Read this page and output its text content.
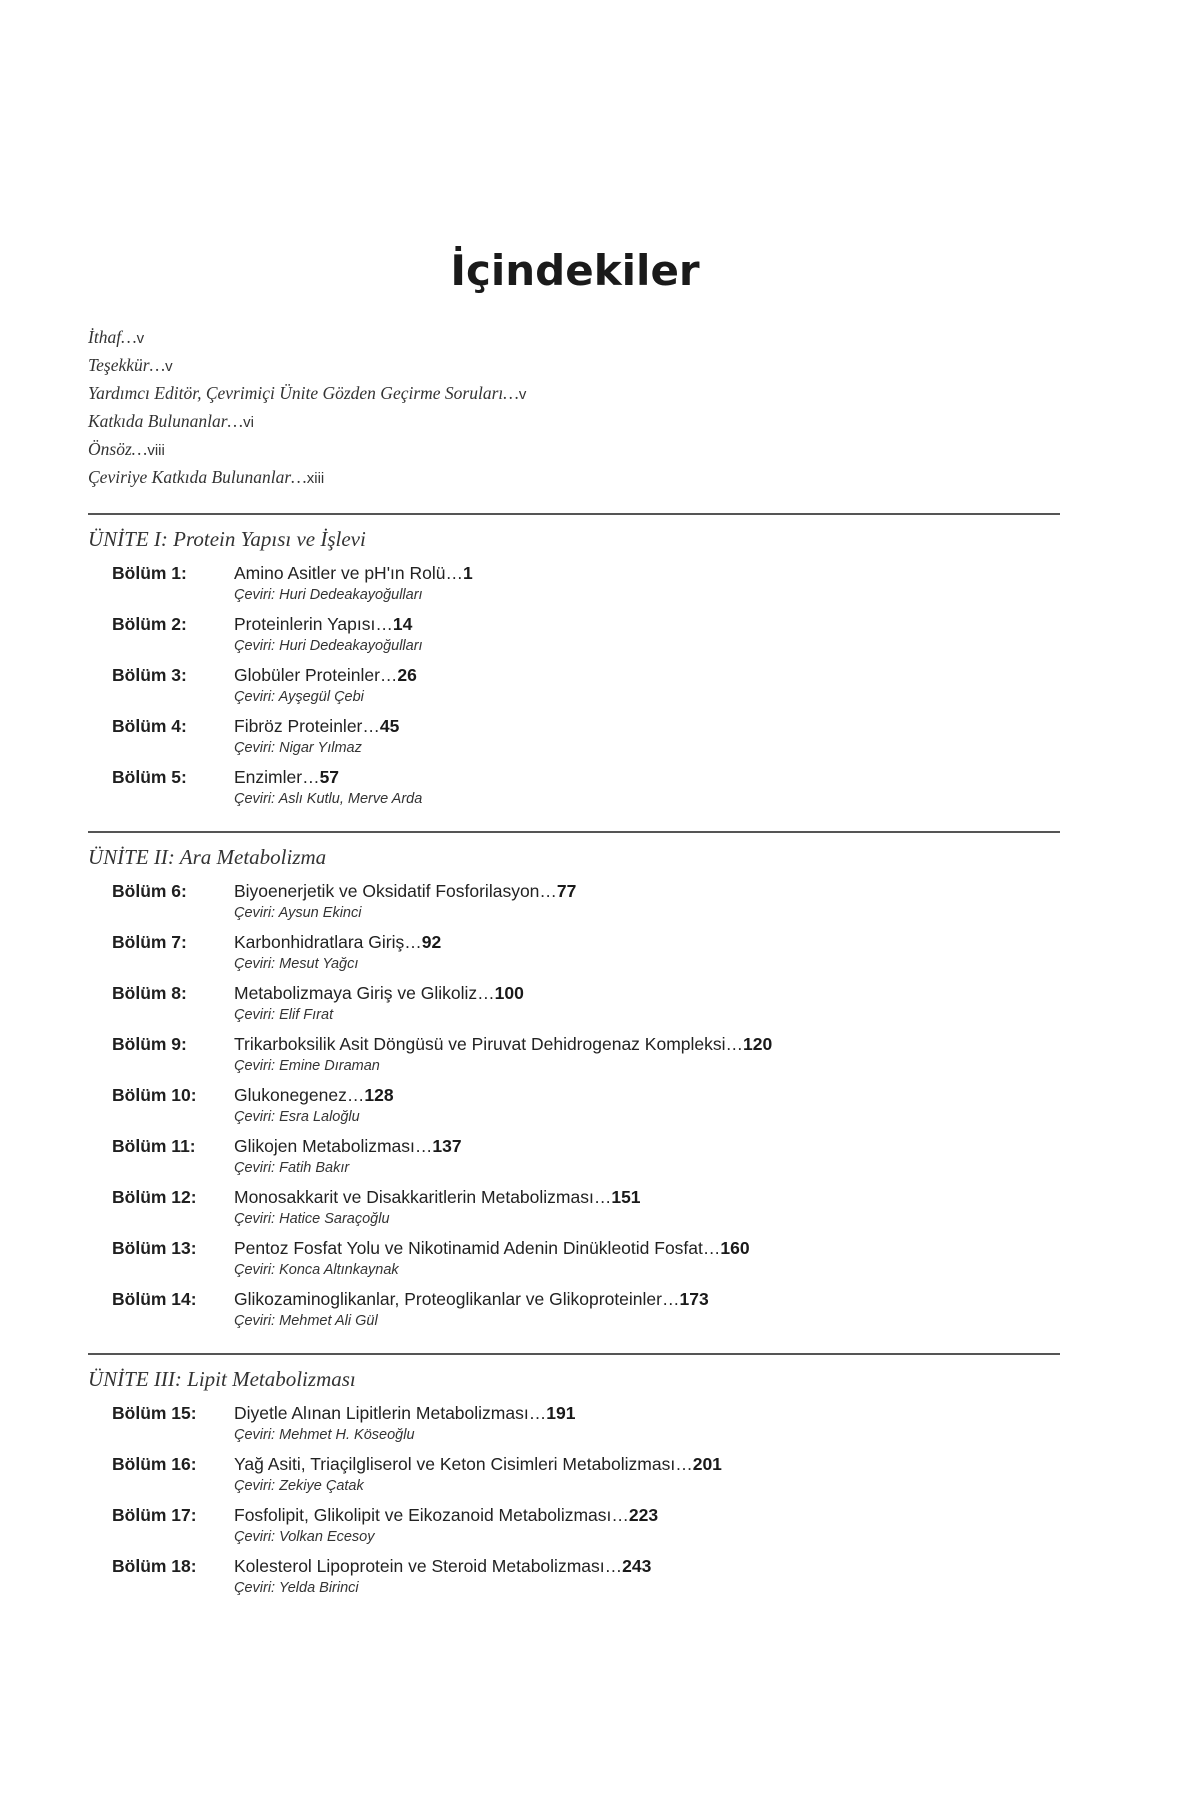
İçindekiler
İthaf…v
Teşekkür…v
Yardımcı Editör, Çevrimiçi Ünite Gözden Geçirme Soruları…v
Katkıda Bulunanlar…vi
Önsöz…viii
Çeviriye Katkıda Bulunanlar…xiii
ÜNİTE I: Protein Yapısı ve İşlevi
Bölüm 1:	Amino Asitler ve pH'ın Rolü…1
Çeviri: Huri Dedeakayoğulları
Bölüm 2:	Proteinlerin Yapısı…14
Çeviri: Huri Dedeakayoğulları
Bölüm 3:	Globüler Proteinler…26
Çeviri: Ayşegül Çebi
Bölüm 4:	Fibröz Proteinler…45
Çeviri: Nigar Yılmaz
Bölüm 5:	Enzimler…57
Çeviri: Aslı Kutlu, Merve Arda
ÜNİTE II: Ara Metabolizma
Bölüm 6:	Biyoenerjetik ve Oksidatif Fosforilasyon…77
Çeviri: Aysun Ekinci
Bölüm 7:	Karbonhidratlara Giriş…92
Çeviri: Mesut Yağcı
Bölüm 8:	Metabolizmaya Giriş ve Glikoliz…100
Çeviri: Elif Fırat
Bölüm 9:	Trikarboksilik Asit Döngüsü ve Piruvat Dehidrogenaz Kompleksi…120
Çeviri: Emine Dıraman
Bölüm 10: Glukonegenez…128
Çeviri: Esra Laloğlu
Bölüm 11: Glikojen Metabolizması…137
Çeviri: Fatih Bakır
Bölüm 12: Monosakkarit ve Disakkaritlerin Metabolizması…151
Çeviri: Hatice Saraçoğlu
Bölüm 13: Pentoz Fosfat Yolu ve Nikotinamid Adenin Dinükleotid Fosfat…160
Çeviri: Konca Altınkaynak
Bölüm 14: Glikozaminoglikanlar, Proteoglikanlar ve Glikoproteinler…173
Çeviri: Mehmet Ali Gül
ÜNİTE III: Lipit Metabolizması
Bölüm 15: Diyetle Alınan Lipitlerin Metabolizması…191
Çeviri: Mehmet H. Köseoğlu
Bölüm 16: Yağ Asiti, Triaçilgliserol ve Keton Cisimleri Metabolizması…201
Çeviri: Zekiye Çatak
Bölüm 17: Fosfolipit, Glikolipit ve Eikozanoid Metabolizması…223
Çeviri: Volkan Ecesoy
Bölüm 18: Kolesterol Lipoprotein ve Steroid Metabolizması…243
Çeviri: Yelda Birinci
